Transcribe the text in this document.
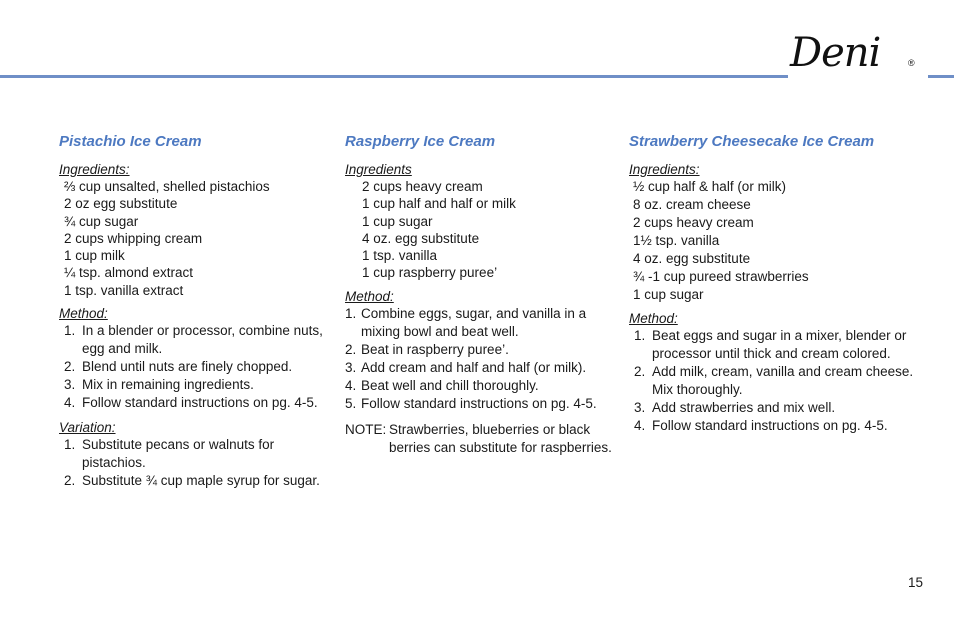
Deni	®
Pistachio Ice Cream
Ingredients:
⅔ cup unsalted, shelled pistachios
2 oz egg substitute
¾ cup sugar
2 cups whipping cream
1 cup milk
¼ tsp. almond extract
1 tsp. vanilla extract
Method:
1. In a blender or processor, combine nuts, egg and milk.
2. Blend until nuts are finely chopped.
3. Mix in remaining ingredients.
4. Follow standard instructions on pg. 4-5.
Variation:
1. Substitute pecans or walnuts for pistachios.
2. Substitute ¾ cup maple syrup for sugar.
Raspberry Ice Cream
Ingredients
2 cups heavy cream
1 cup half and half or milk
1 cup sugar
4 oz. egg substitute
1 tsp. vanilla
1 cup raspberry puree’
Method:
1. Combine eggs, sugar, and vanilla in a mixing bowl and beat well.
2. Beat in raspberry puree’.
3. Add cream and half and half (or milk).
4. Beat well and chill thoroughly.
5. Follow standard instructions on pg. 4-5.
NOTE: Strawberries, blueberries or black berries can substitute for raspberries.
Strawberry Cheesecake Ice Cream
Ingredients:
½ cup half & half (or milk)
8 oz. cream cheese
2 cups heavy cream
1½ tsp. vanilla
4 oz. egg substitute
¾ -1 cup pureed strawberries
1 cup sugar
Method:
1. Beat eggs and sugar in a mixer, blender or processor until thick and cream colored.
2. Add milk, cream, vanilla and cream cheese. Mix thoroughly.
3. Add strawberries and mix well.
4. Follow standard instructions on pg. 4-5.
15
